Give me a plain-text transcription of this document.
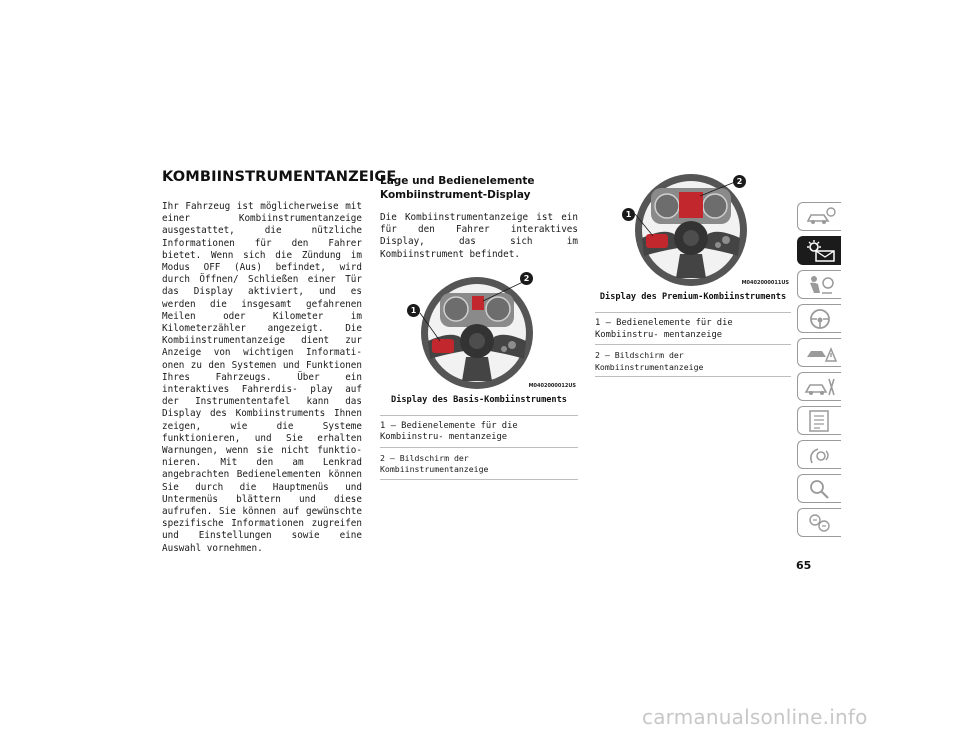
KOMBIINSTRUMENTANZEIGE

Ihr Fahrzeug ist möglicherweise mit einer Kombiinstrumentanzeige ausgestattet, die nützliche Informationen für den Fahrer bietet. Wenn sich die Zündung im Modus OFF (Aus) befindet, wird durch Öffnen/ Schließen einer Tür das Display aktiviert, und es werden die insgesamt gefahrenen Meilen oder Kilometer im Kilometerzähler angezeigt. Die Kombiinstrumentanzeige dient zur Anzeige von wichtigen Informati- onen zu den Systemen und Funktionen Ihres Fahrzeugs. Über ein interaktives Fahrerdis- play auf der Instrumententafel kann das Display des Kombiinstruments Ihnen zeigen, wie die Systeme funktionieren, und Sie erhalten Warnungen, wenn sie nicht funktio- nieren. Mit den am Lenkrad angebrachten Bedienelementen können Sie durch die Hauptmenüs und Untermenüs blättern und diese aufrufen. Sie können auf gewünschte spezifische Informationen zugreifen und Einstellungen sowie eine Auswahl vornehmen.

Lage und Bedienelemente
Kombiinstrument-Display

Die Kombiinstrumentanzeige ist ein für den Fahrer interaktives Display, das sich im Kombiinstrument befindet.

1
2
M0402000012US
Display des Basis-Kombiinstruments
1 – Bedienelemente für die Kombiinstru- mentanzeige
2 – Bildschirm der Kombiinstrumentanzeige
1
2
M0402000011US
Display des Premium-Kombiinstruments
1 – Bedienelemente für die Kombiinstru- mentanzeige
2 – Bildschirm der Kombiinstrumentanzeige
65
carmanualsonline.info
